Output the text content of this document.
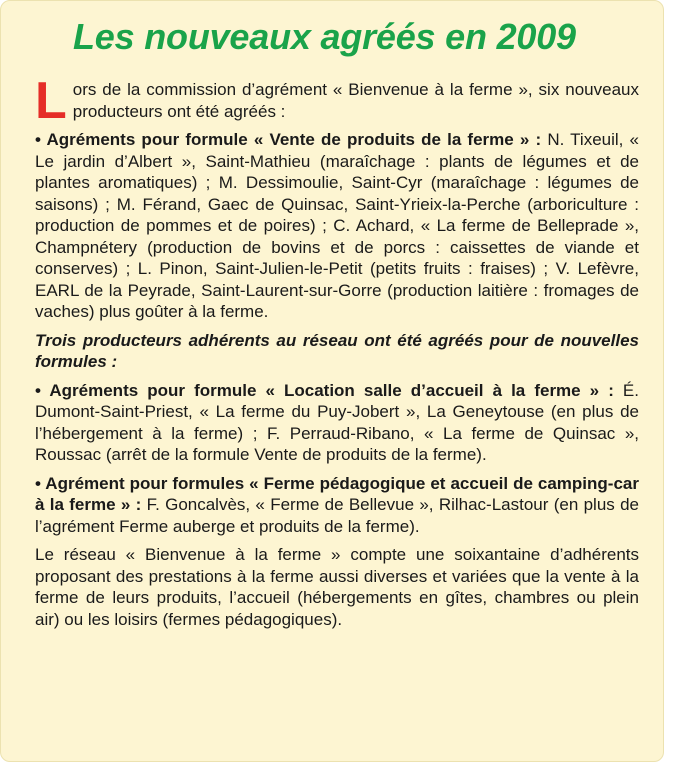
Les nouveaux agréés en 2009

Lors de la commission d’agrément « Bienvenue à la ferme », six nouveaux producteurs ont été agréés :

• Agréments pour formule « Vente de produits de la ferme » : N. Tixeuil, « Le jardin d’Albert », Saint-Mathieu (maraîchage : plants de légumes et de plantes aromatiques) ; M. Dessimoulie, Saint-Cyr (maraîchage : légumes de saisons) ; M. Férand, Gaec de Quinsac, Saint-Yrieix-la-Perche (arboriculture : production de pommes et de poires) ; C. Achard, « La ferme de Belleprade », Champnétery (production de bovins et de porcs : caissettes de viande et conserves) ; L. Pinon, Saint-Julien-le-Petit (petits fruits : fraises) ; V. Lefèvre, EARL de la Peyrade, Saint-Laurent-sur-Gorre (production laitière : fromages de vaches) plus goûter à la ferme.

Trois producteurs adhérents au réseau ont été agréés pour de nouvelles formules :

• Agréments pour formule « Location salle d’accueil à la ferme » : É. Dumont-Saint-Priest, « La ferme du Puy-Jobert », La Geneytouse (en plus de l’hébergement à la ferme) ; F. Perraud-Ribano, « La ferme de Quinsac », Roussac (arrêt de la formule Vente de produits de la ferme).

• Agrément pour formules « Ferme pédagogique et accueil de camping-car à la ferme » : F. Goncalvès, « Ferme de Bellevue », Rilhac-Lastour (en plus de l’agrément Ferme auberge et produits de la ferme).

Le réseau « Bienvenue à la ferme » compte une soixantaine d’adhérents proposant des prestations à la ferme aussi diverses et variées que la vente à la ferme de leurs produits, l’accueil (hébergements en gîtes, chambres ou plein air) ou les loisirs (fermes pédagogiques).
